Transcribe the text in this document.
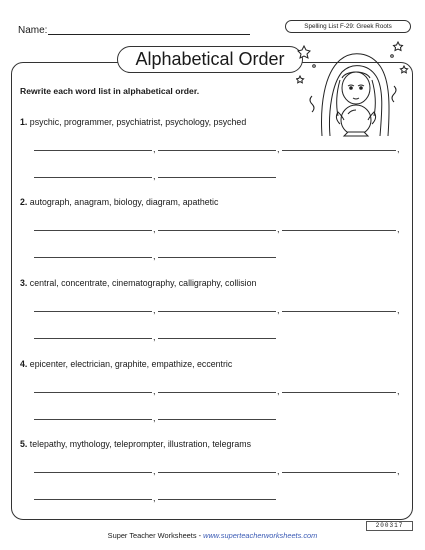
Name:	Spelling List F-29: Greek Roots
Alphabetical Order
Rewrite each word list in alphabetical order.
1. psychic, programmer, psychiatrist, psychology, psyched
,	,	,
,
2. autograph, anagram, biology, diagram, apathetic
,	,	,
,
3. central, concentrate, cinematography, calligraphy, collision
,	,	,
,
4. epicenter, electrician, graphite, empathize, eccentric
,	,	,
,
5. telepathy, mythology, teleprompter, illustration, telegrams
,	,	,
,
Super Teacher Worksheets - www.superteacherworksheets.com
200317
